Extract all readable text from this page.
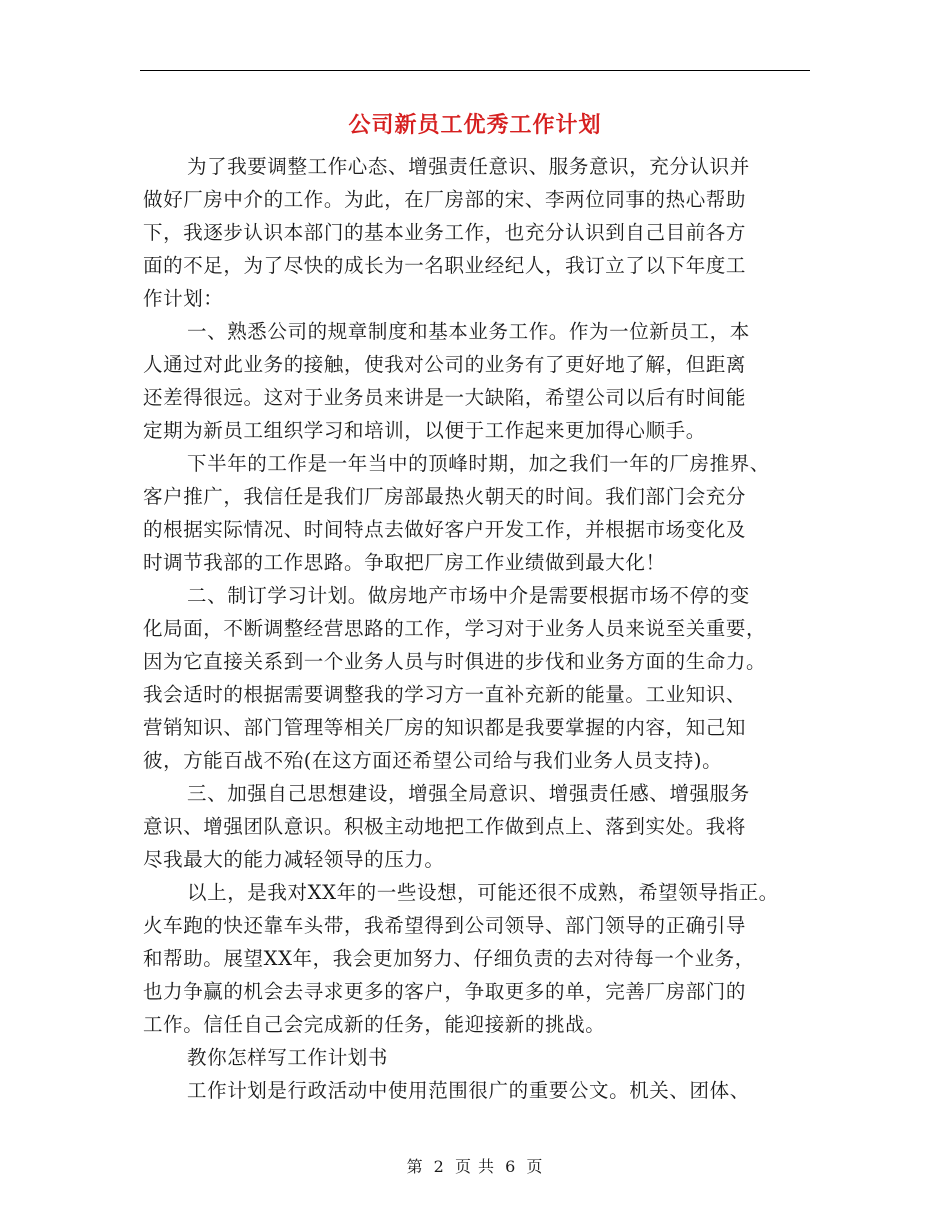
公司新员工优秀工作计划
为了我要调整工作心态、增强责任意识、服务意识，充分认识并
做好厂房中介的工作。为此，在厂房部的宋、李两位同事的热心帮助
下，我逐步认识本部门的基本业务工作，也充分认识到自己目前各方
面的不足，为了尽快的成长为一名职业经纪人，我订立了以下年度工
作计划：
一、熟悉公司的规章制度和基本业务工作。作为一位新员工，本
人通过对此业务的接触，使我对公司的业务有了更好地了解，但距离
还差得很远。这对于业务员来讲是一大缺陷，希望公司以后有时间能
定期为新员工组织学习和培训，以便于工作起来更加得心顺手。
下半年的工作是一年当中的顶峰时期，加之我们一年的厂房推界、
客户推广，我信任是我们厂房部最热火朝天的时间。我们部门会充分
的根据实际情况、时间特点去做好客户开发工作，并根据市场变化及
时调节我部的工作思路。争取把厂房工作业绩做到最大化！
二、制订学习计划。做房地产市场中介是需要根据市场不停的变
化局面，不断调整经营思路的工作，学习对于业务人员来说至关重要，
因为它直接关系到一个业务人员与时俱进的步伐和业务方面的生命力。
我会适时的根据需要调整我的学习方一直补充新的能量。工业知识、
营销知识、部门管理等相关厂房的知识都是我要掌握的内容，知己知
彼，方能百战不殆(在这方面还希望公司给与我们业务人员支持)。
三、加强自己思想建设，增强全局意识、增强责任感、增强服务
意识、增强团队意识。积极主动地把工作做到点上、落到实处。我将
尽我最大的能力减轻领导的压力。
以上，是我对XX年的一些设想，可能还很不成熟，希望领导指正。
火车跑的快还靠车头带，我希望得到公司领导、部门领导的正确引导
和帮助。展望XX年，我会更加努力、仔细负责的去对待每一个业务，
也力争赢的机会去寻求更多的客户，争取更多的单，完善厂房部门的
工作。信任自己会完成新的任务，能迎接新的挑战。
教你怎样写工作计划书
工作计划是行政活动中使用范围很广的重要公文。机关、团体、
第 2 页 共 6 页
